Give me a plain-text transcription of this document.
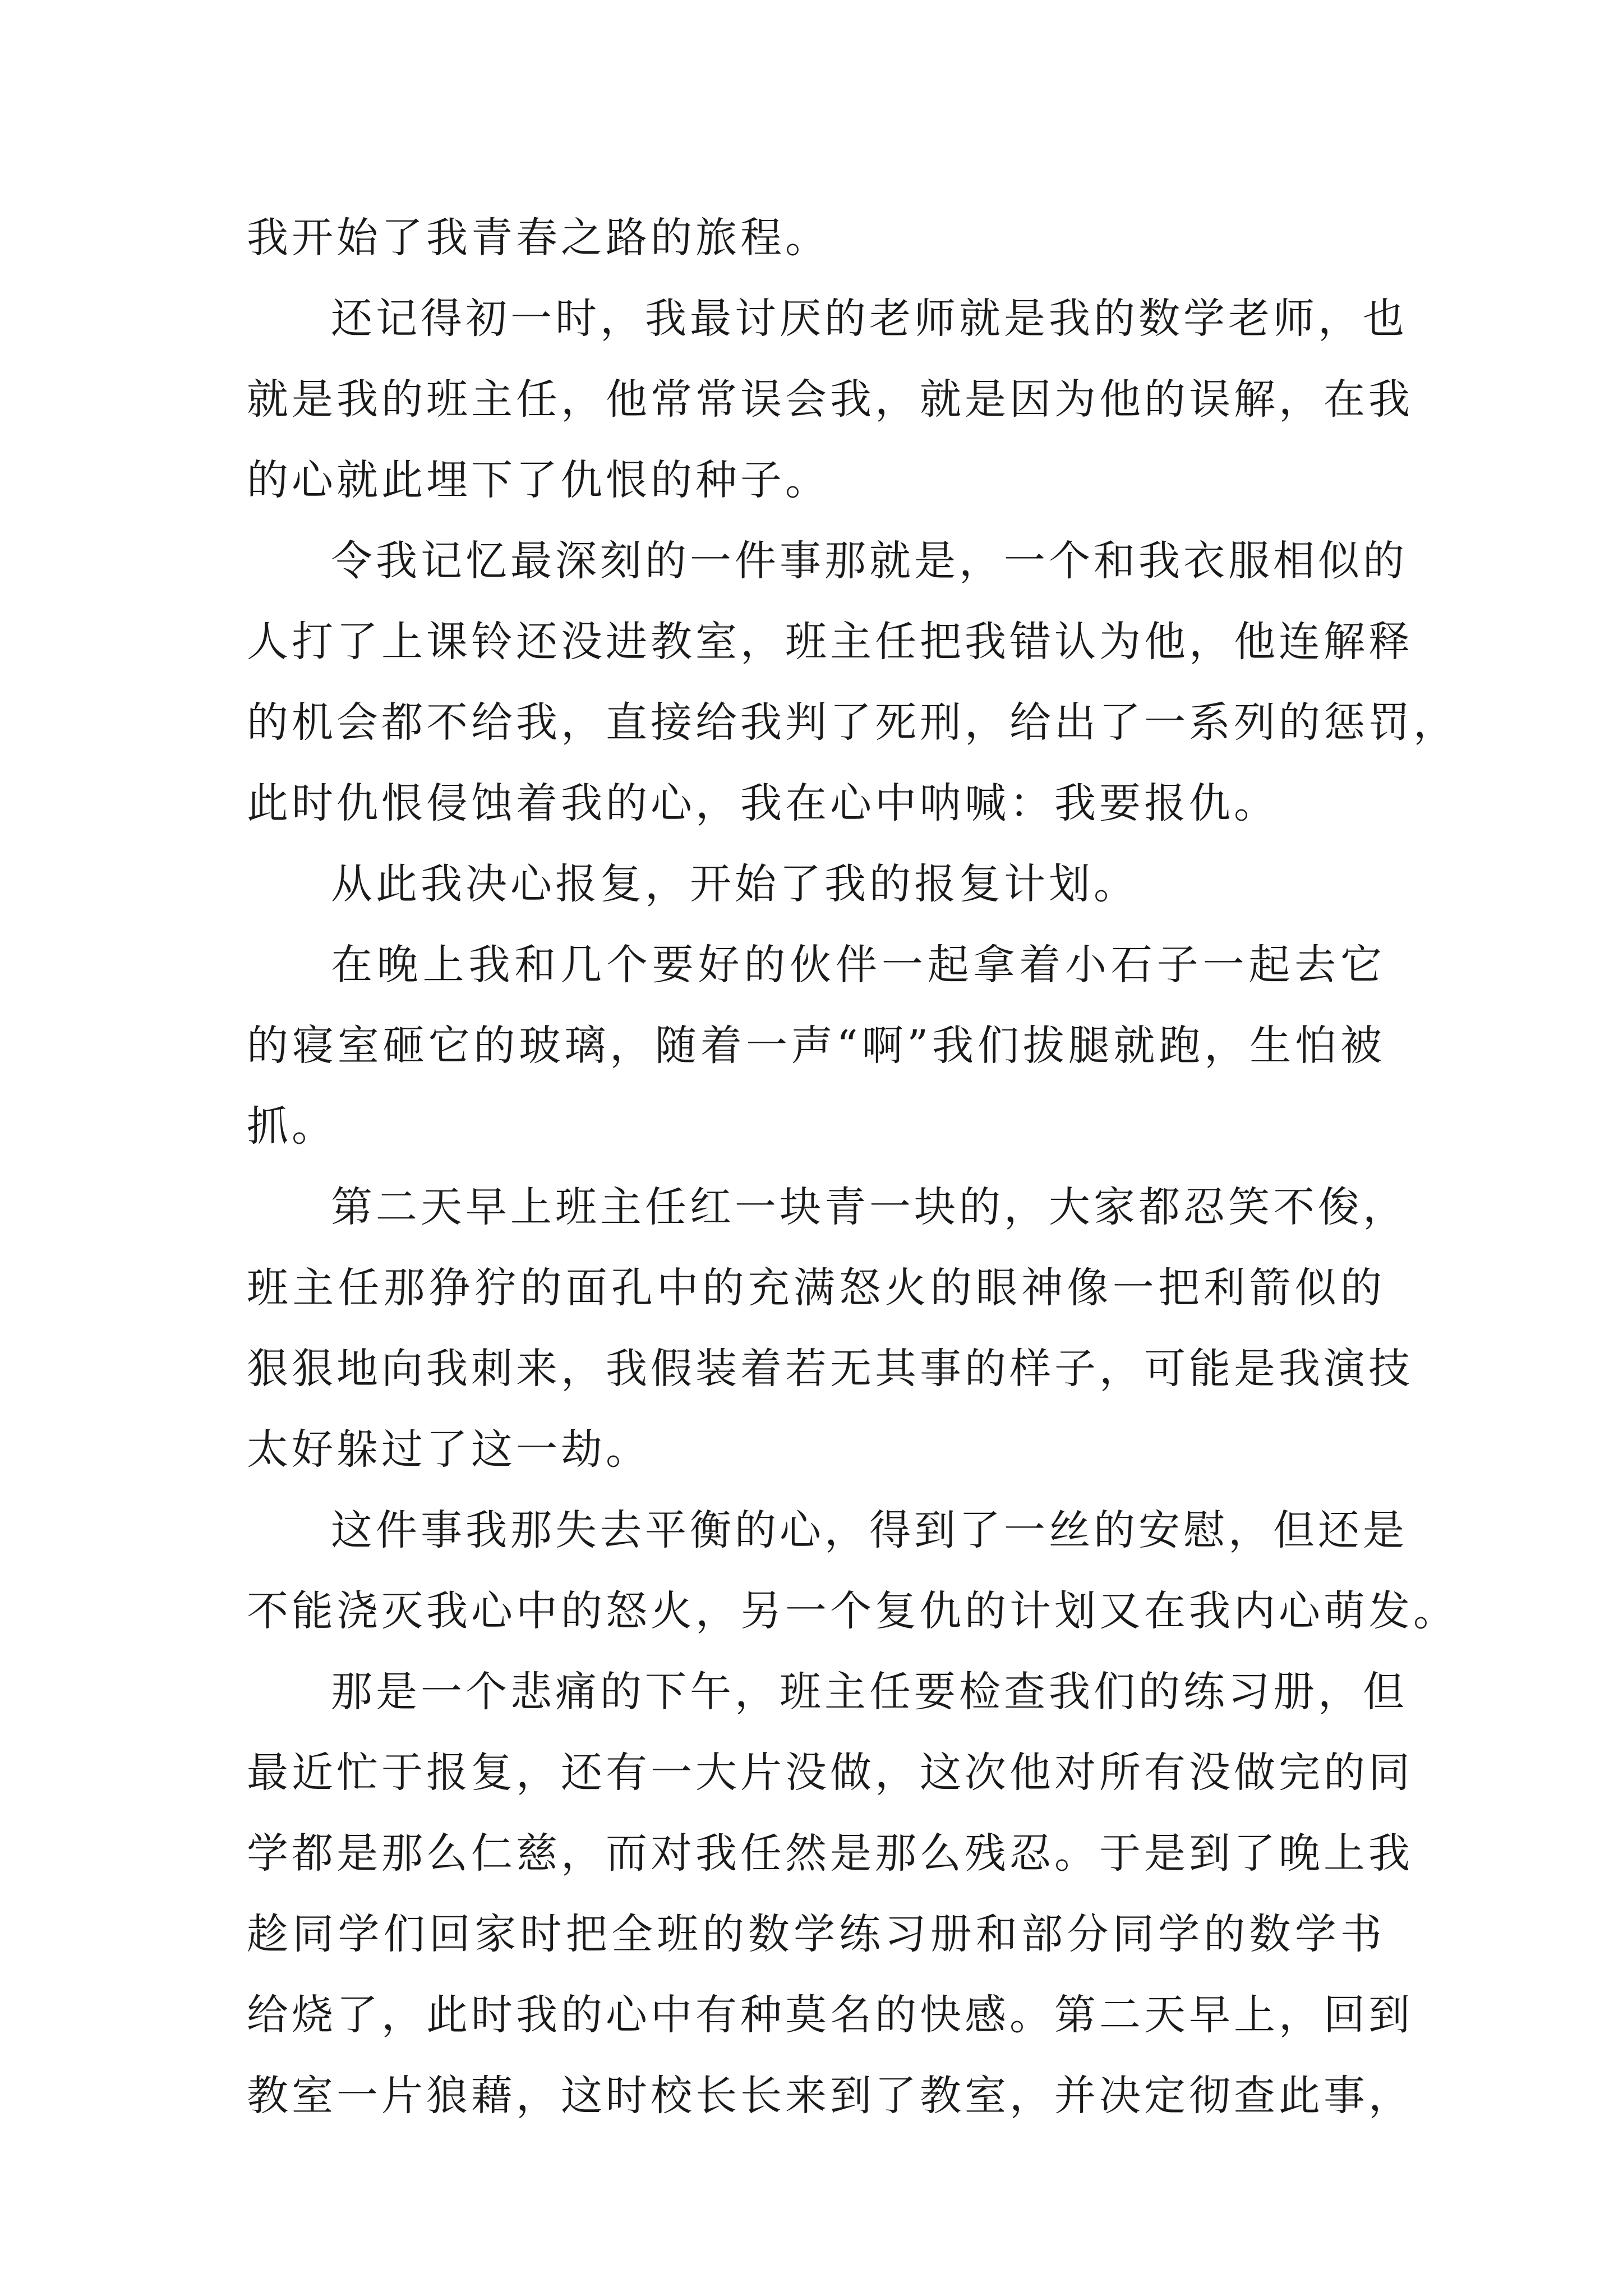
我开始了我青春之路的旅程。
还记得初一时，我最讨厌的老师就是我的数学老师，也
就是我的班主任，他常常误会我，就是因为他的误解，在我
的心就此埋下了仇恨的种子。
令我记忆最深刻的一件事那就是，一个和我衣服相似的
人打了上课铃还没进教室，班主任把我错认为他，他连解释
的机会都不给我，直接给我判了死刑，给出了一系列的惩罚，
此时仇恨侵蚀着我的心，我在心中呐喊：我要报仇。
从此我决心报复，开始了我的报复计划。
在晚上我和几个要好的伙伴一起拿着小石子一起去它
的寝室砸它的玻璃，随着一声“啊”我们拔腿就跑，生怕被
抓。
第二天早上班主任红一块青一块的，大家都忍笑不俊，
班主任那狰狞的面孔中的充满怒火的眼神像一把利箭似的
狠狠地向我刺来，我假装着若无其事的样子，可能是我演技
太好躲过了这一劫。
这件事我那失去平衡的心，得到了一丝的安慰，但还是
不能浇灭我心中的怒火，另一个复仇的计划又在我内心萌发。
那是一个悲痛的下午，班主任要检查我们的练习册，但
最近忙于报复，还有一大片没做，这次他对所有没做完的同
学都是那么仁慈，而对我任然是那么残忍。于是到了晚上我
趁同学们回家时把全班的数学练习册和部分同学的数学书
给烧了，此时我的心中有种莫名的快感。第二天早上，回到
教室一片狼藉，这时校长长来到了教室，并决定彻查此事，
